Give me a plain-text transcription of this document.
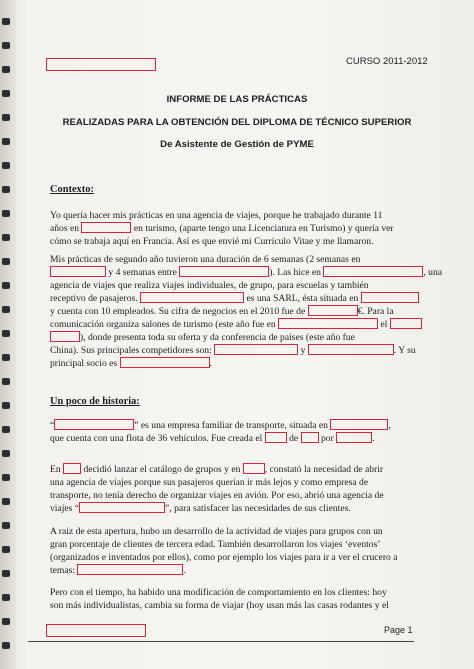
CURSO 2011-2012
INFORME DE LAS PRÁCTICAS
REALIZADAS PARA LA OBTENCIÓN DEL DIPLOMA DE TÉCNICO SUPERIOR
De Asistente de Gestión de PYME
Contexto:
Yo quería hacer mis prácticas en una agencia de viajes, porque he trabajado durante 11
años en	en turismo, (aparte tengo una Licenciatura en Turismo) y quería ver
cómo se trabaja aquí en Francia. Así es que envié mi Currículo Vitae y me llamaron.
Mis prácticas de segundo año tuvieron una duración de 6 semanas (2 semanas en
y 4 semanas entre	). Las hice en	, una
agencia de viajes que realiza viajes individuales, de grupo, para escuelas y también
receptivo de pasajeros.	es una SARL, ésta situada en
y cuenta con 10 empleados. Su cifra de negocios en el 2010 fue de	€. Para la
comunicación organiza salones de turismo (este año fue en	el
), donde presenta toda su oferta y da conferencia de países (este año fue
China). Sus principales competidores son:	y	. Y su
principal socio es	.
Un poco de historia:
“	” es una empresa familiar de transporte, situada en	,
que cuenta con una flota de 36 vehículos. Fue creada el	de por	.
En decidió lanzar el catálogo de grupos y en	, constató la necesidad de abrir
una agencia de viajes porque sus pasajeros querían ir más lejos y como empresa de
transporte, no tenía derecho de organizar viajes en avión. Por eso, abrió una agencia de
viajes “	”, para satisfacer las necesidades de sus clientes.
A raíz de esta apertura, hubo un desarrollo de la actividad de viajes para grupos con un
gran porcentaje de clientes de tercera edad. También desarrollaron los viajes ‘eventos’
(organizados e inventados por ellos), como por ejemplo los viajes para ir a ver el crucero a
temas:	.
Pero con el tiempo, ha habido una modificación de comportamiento en los clientes: hoy
son más individualistas, cambia su forma de viajar (hoy usan más las casas rodantes y el
Page 1
